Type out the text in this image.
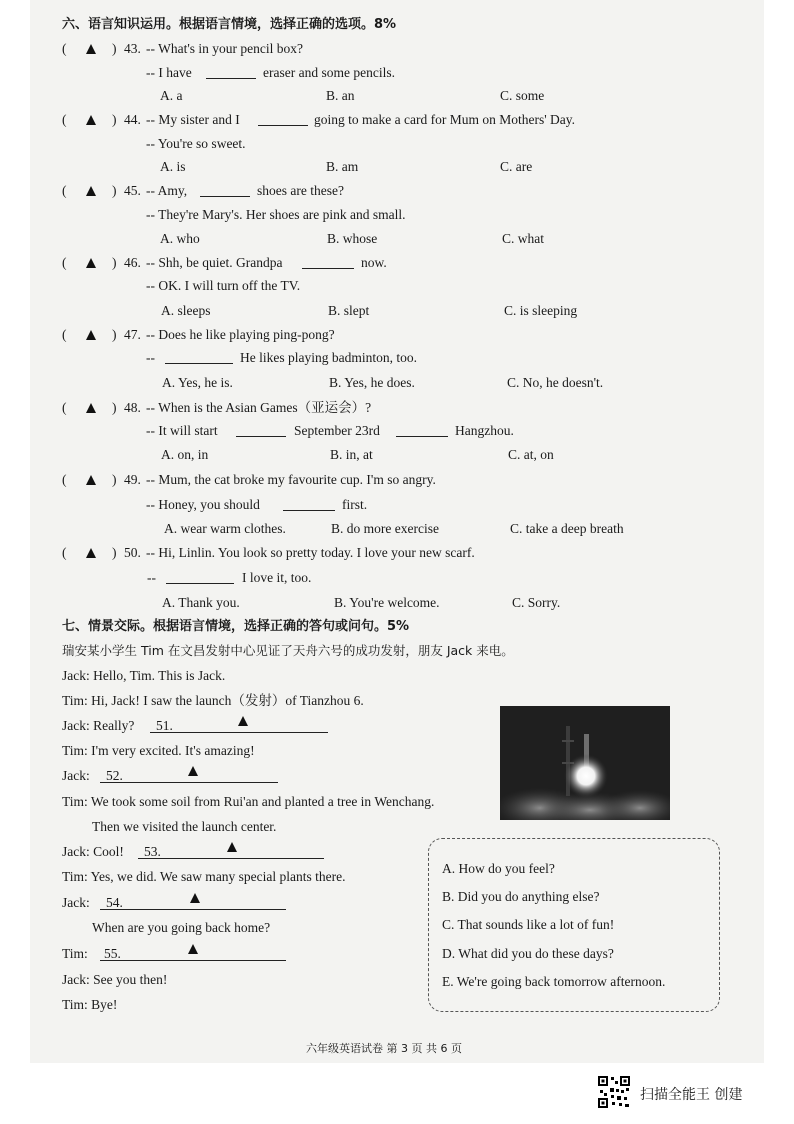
六、语言知识运用。根据语言情境，选择正确的选项。8%
(	) 43. -- What's in your pencil box?
-- I have	eraser and some pencils.
A. a	B. an	C. some
(	) 44. -- My sister and I	going to make a card for Mum on Mothers' Day.
-- You're so sweet.
A. is	B. am	C. are
(	) 45. -- Amy,	shoes are these?
-- They're Mary's. Her shoes are pink and small.
A. who	B. whose	C. what
(	) 46. -- Shh, be quiet. Grandpa	now.
-- OK. I will turn off the TV.
A. sleeps	B. slept	C. is sleeping
(	) 47. -- Does he like playing ping-pong?
--	He likes playing badminton, too.
A. Yes, he is.	B. Yes, he does.	C. No, he doesn't.
(	) 48. -- When is the Asian Games（亚运会）?
-- It will start	September 23rd	Hangzhou.
A. on, in	B. in, at	C. at, on
(	) 49. -- Mum, the cat broke my favourite cup. I'm so angry.
-- Honey, you should	first.
A. wear warm clothes.	B. do more exercise	C. take a deep breath
(	) 50. -- Hi, Linlin. You look so pretty today. I love your new scarf.
--	I love it, too.
A. Thank you.	B. You're welcome.	C. Sorry.
七、情景交际。根据语言情境，选择正确的答句或问句。5%
瑞安某小学生 Tim 在文昌发射中心见证了天舟六号的成功发射，朋友 Jack 来电。
Jack: Hello, Tim. This is Jack.
Tim: Hi, Jack! I saw the launch（发射）of Tianzhou 6.
Jack: Really? 51.
Tim: I'm very excited. It's amazing!
Jack: 52.
Tim: We took some soil from Rui'an and planted a tree in Wenchang.
Then we visited the launch center.
Jack: Cool! 53.
Tim: Yes, we did. We saw many special plants there.
Jack: 54.
When are you going back home?
Tim: 55.
Jack: See you then!
Tim: Bye!
A. How do you feel?
B. Did you do anything else?
C. That sounds like a lot of fun!
D. What did you do these days?
E. We're going back tomorrow afternoon.
六年级英语试卷 第 3 页 共 6 页
扫描全能王 创建
